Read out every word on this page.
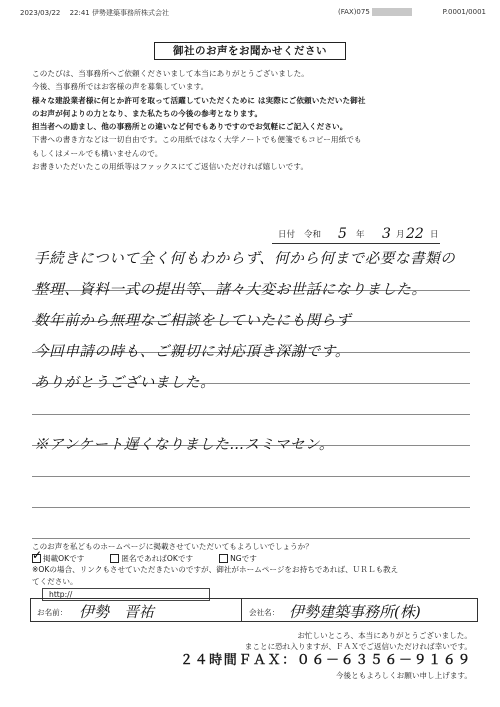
2023/03/22　 22:41 伊勢建築事務所株式会社	(FAX)075	P.0001/0001
御社のお声をお聞かせください

このたびは、当事務所へご依頼くださいまして本当にありがとうございました。

今後、当事務所ではお客様の声を募集しています。

様々な建設業者様に何とか許可を取って活躍していただくために は実際にご依頼いただいた御社

のお声が何よりの力となり、また私たちの今後の参考となります。

担当者への励まし、他の事務所との違いなど何でもありですのでお気軽にご記入ください。

下書への書き方などは一切自由です。この用紙ではなく大学ノートでも便箋でもコピー用紙でも

もしくはメールでも構いませんので。

お書きいただいたこの用紙等はファックスにてご返信いただければ嬉しいです。

日付 令和 5 年 3 月 22 日
手続きについて全く何もわからず、何から何まで必要な書類の
整理、資料一式の提出等、諸々大変お世話になりました。
数年前から無理なご相談をしていたにも関らず
今回申請の時も、ご親切に対応頂き深謝です。
ありがとうございました。
※アンケート遅くなりました…スミマセン。

このお声を私どものホームページに掲載させていただいてもよろしいでしょうか？

✓
掲載OKです	匿名であればOKです	NGです

※OKの場合、リンクもさせていただきたいのですが、御社がホームページをお持ちであれば、ＵＲＬも教え

てください。

http://
お名前： 伊勢　晋祐	会社名： 伊勢建築事務所(株)

お忙しいところ、本当にありがとうございました。

まことに恐れ入りますが、ＦＡＸでご返信いただければ幸いです。

２４時間ＦＡＸ：０６－６３５６－９１６９

今後ともよろしくお願い申し上げます。
